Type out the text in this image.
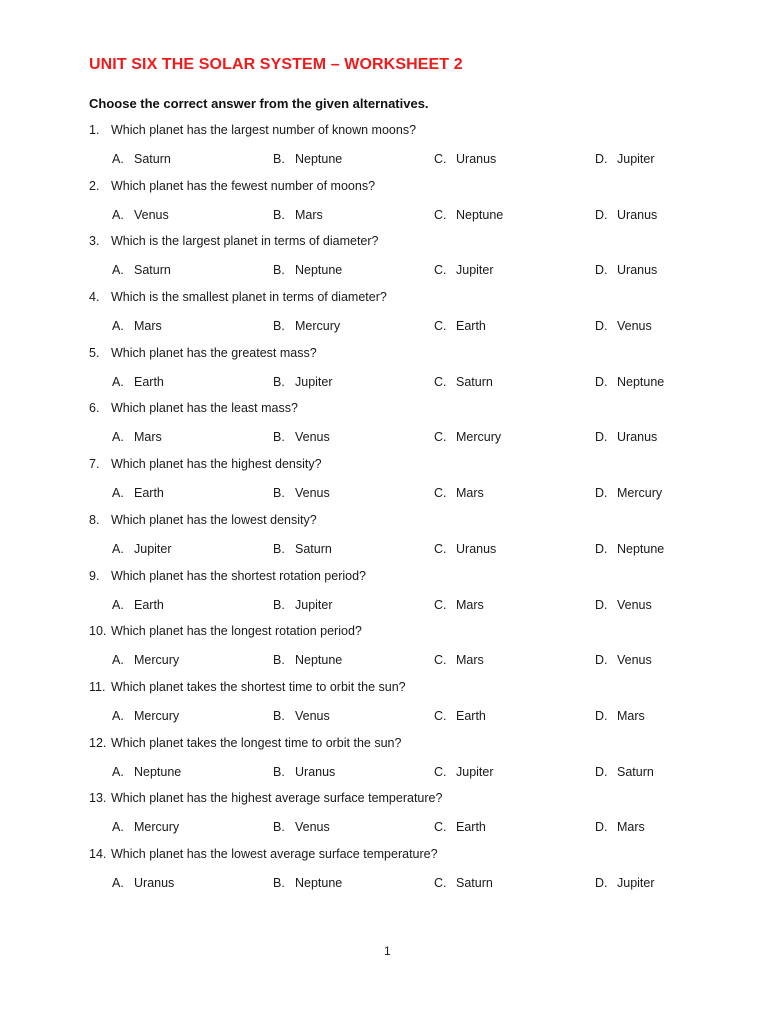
UNIT SIX THE SOLAR SYSTEM – WORKSHEET 2
Choose the correct answer from the given alternatives.
1. Which planet has the largest number of known moons?
A. Saturn	B. Neptune	C. Uranus	D. Jupiter
2. Which planet has the fewest number of moons?
A. Venus	B. Mars	C. Neptune	D. Uranus
3. Which is the largest planet in terms of diameter?
A. Saturn	B. Neptune	C. Jupiter	D. Uranus
4. Which is the smallest planet in terms of diameter?
A. Mars	B. Mercury	C. Earth	D. Venus
5. Which planet has the greatest mass?
A. Earth	B. Jupiter	C. Saturn	D. Neptune
6. Which planet has the least mass?
A. Mars	B. Venus	C. Mercury	D. Uranus
7. Which planet has the highest density?
A. Earth	B. Venus	C. Mars	D. Mercury
8. Which planet has the lowest density?
A. Jupiter	B. Saturn	C. Uranus	D. Neptune
9. Which planet has the shortest rotation period?
A. Earth	B. Jupiter	C. Mars	D. Venus
10. Which planet has the longest rotation period?
A. Mercury	B. Neptune	C. Mars	D. Venus
11. Which planet takes the shortest time to orbit the sun?
A. Mercury	B. Venus	C. Earth	D. Mars
12. Which planet takes the longest time to orbit the sun?
A. Neptune	B. Uranus	C. Jupiter	D. Saturn
13. Which planet has the highest average surface temperature?
A. Mercury	B. Venus	C. Earth	D. Mars
14. Which planet has the lowest average surface temperature?
A. Uranus	B. Neptune	C. Saturn	D. Jupiter
1
